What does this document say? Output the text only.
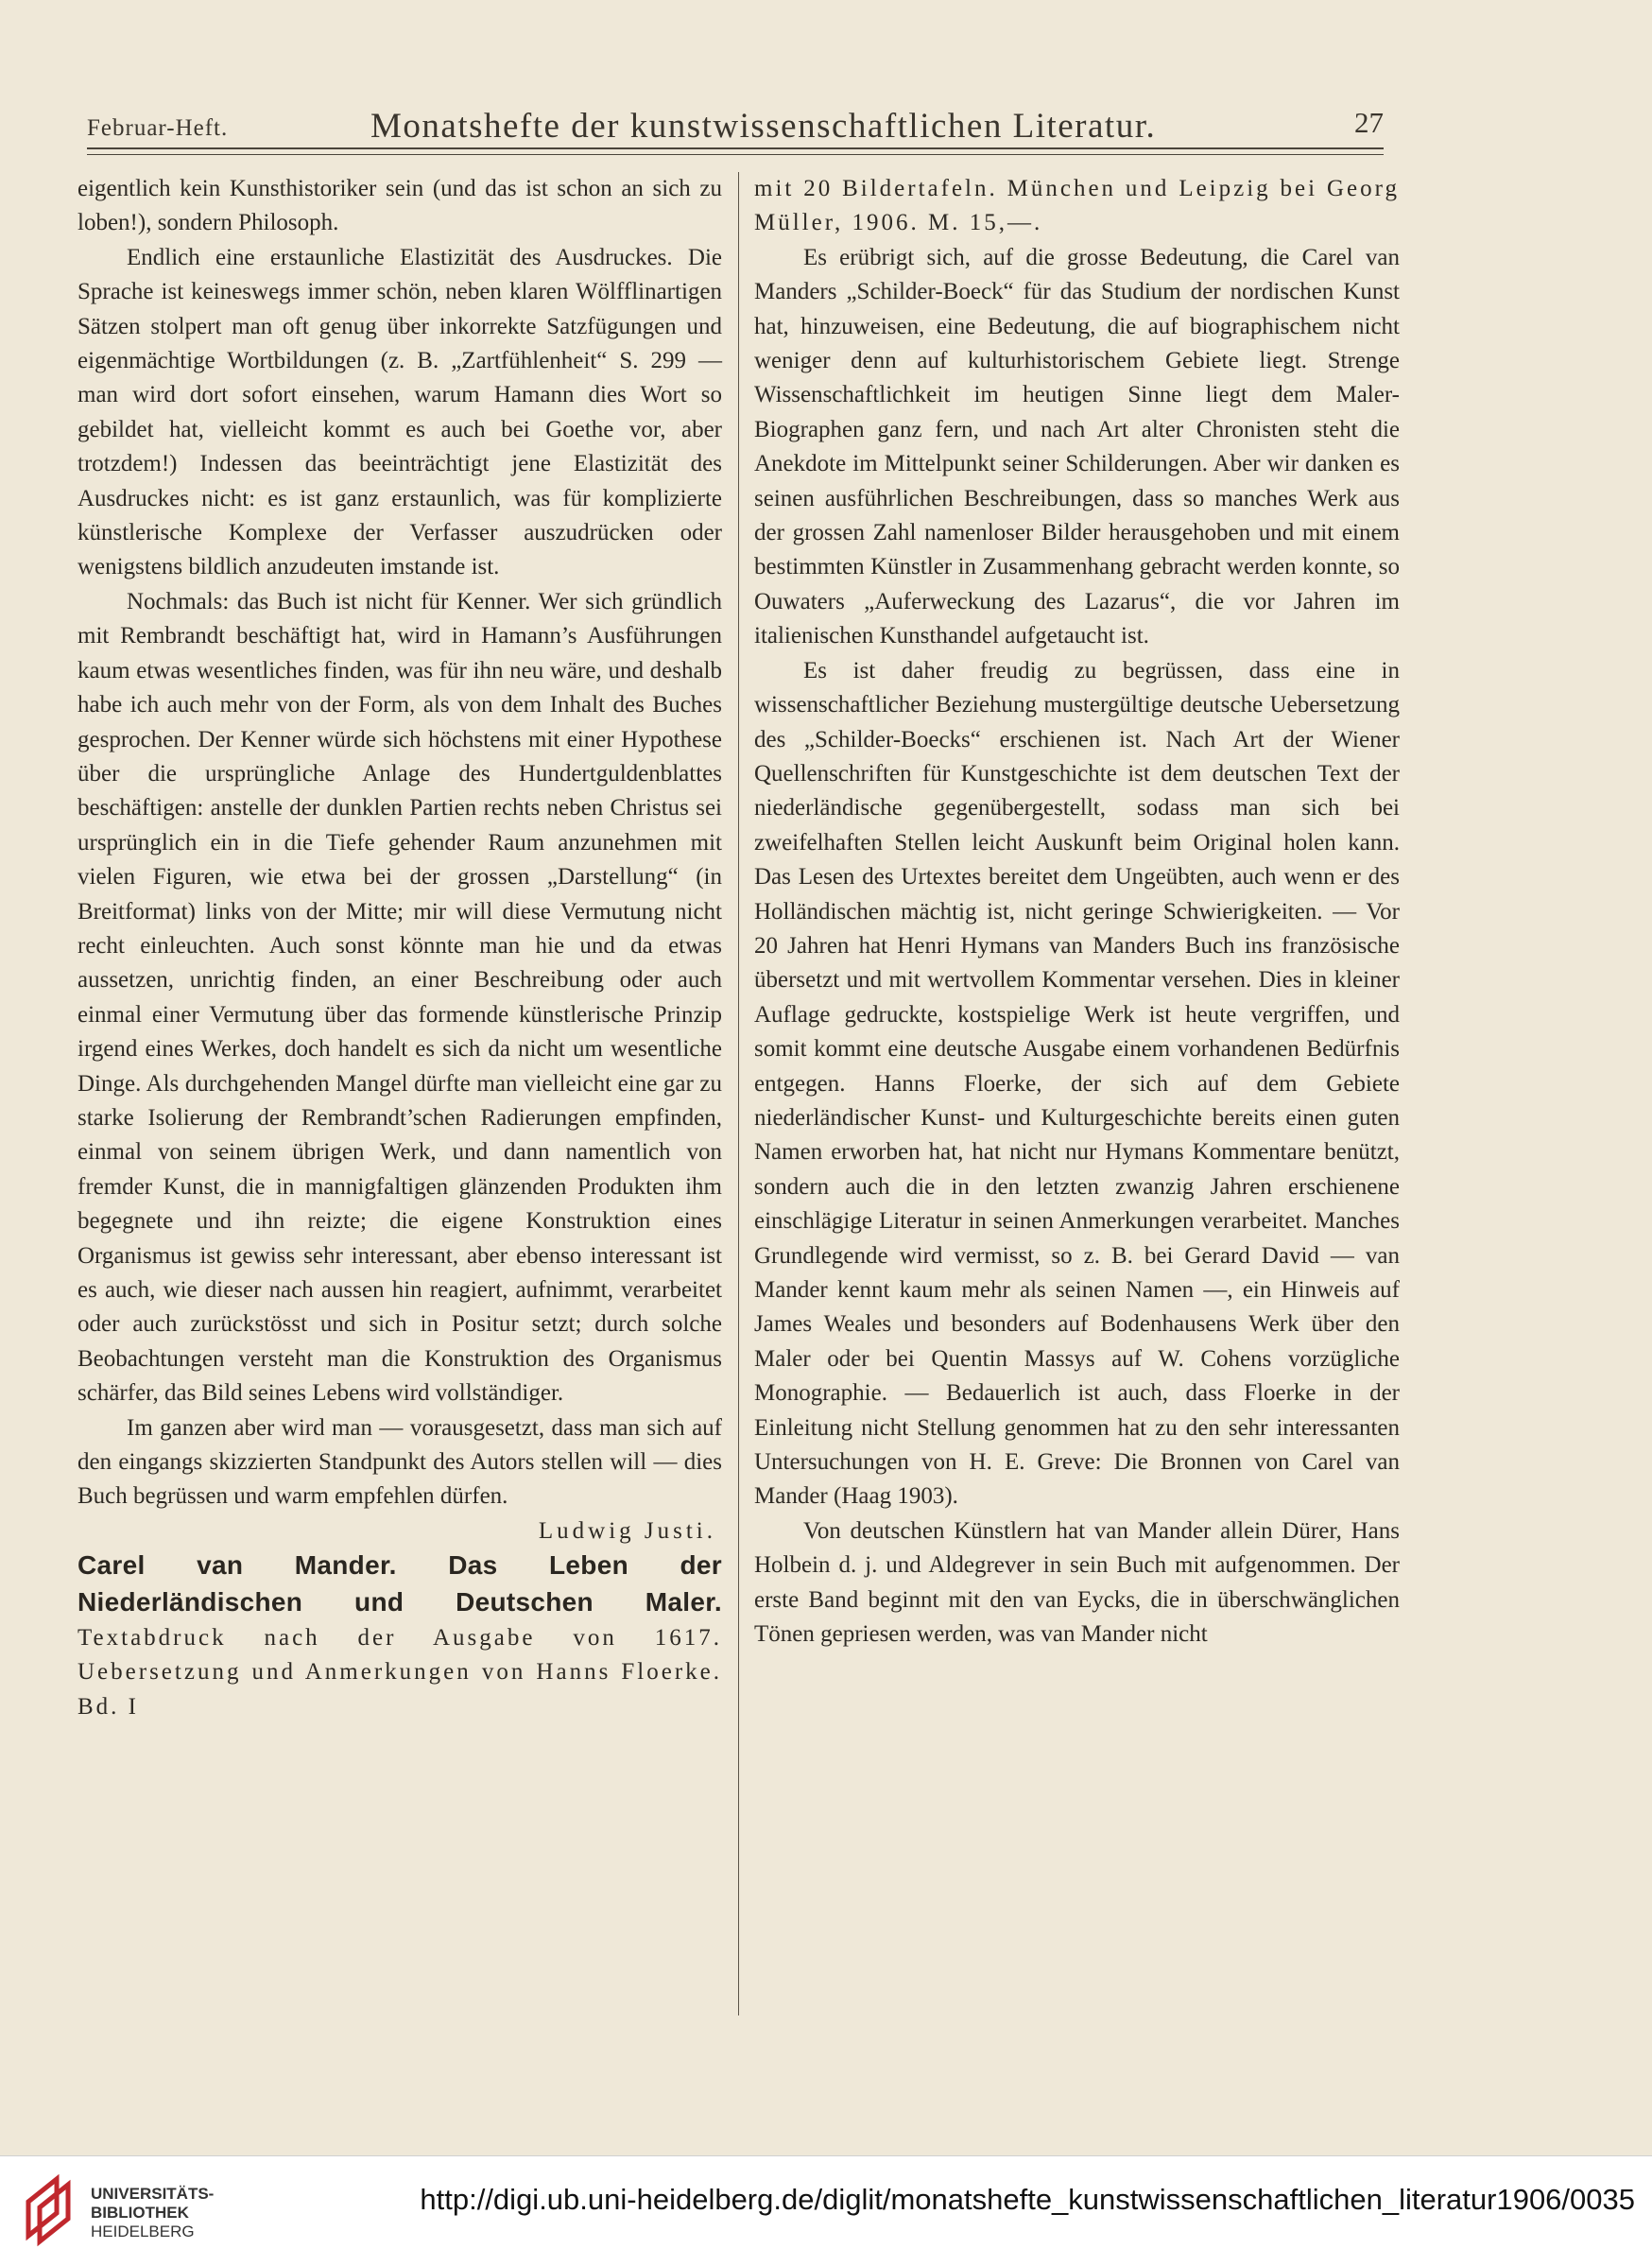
Februar-Heft.	Monatshefte der kunstwissenschaftlichen Literatur.	27

eigentlich kein Kunsthistoriker sein (und das ist schon an sich zu loben!), sondern Philosoph.

Endlich eine erstaunliche Elastizität des Ausdruckes. Die Sprache ist keineswegs immer schön, neben klaren Wölfflinartigen Sätzen stolpert man oft genug über inkorrekte Satzfügungen und eigenmächtige Wortbildungen (z. B. „Zartfühlenheit“ S. 299 — man wird dort sofort einsehen, warum Hamann dies Wort so gebildet hat, vielleicht kommt es auch bei Goethe vor, aber trotzdem!) Indessen das beeinträchtigt jene Elastizität des Ausdruckes nicht: es ist ganz erstaunlich, was für komplizierte künstlerische Komplexe der Verfasser auszudrücken oder wenigstens bildlich anzudeuten imstande ist.

Nochmals: das Buch ist nicht für Kenner. Wer sich gründlich mit Rembrandt beschäftigt hat, wird in Hamann’s Ausführungen kaum etwas wesentliches finden, was für ihn neu wäre, und deshalb habe ich auch mehr von der Form, als von dem Inhalt des Buches gesprochen. Der Kenner würde sich höchstens mit einer Hypothese über die ursprüngliche Anlage des Hundertguldenblattes beschäftigen: anstelle der dunklen Partien rechts neben Christus sei ursprünglich ein in die Tiefe gehender Raum anzunehmen mit vielen Figuren, wie etwa bei der grossen „Darstellung“ (in Breitformat) links von der Mitte; mir will diese Vermutung nicht recht einleuchten. Auch sonst könnte man hie und da etwas aussetzen, unrichtig finden, an einer Beschreibung oder auch einmal einer Vermutung über das formende künstlerische Prinzip irgend eines Werkes, doch handelt es sich da nicht um wesentliche Dinge. Als durchgehenden Mangel dürfte man vielleicht eine gar zu starke Isolierung der Rembrandt’schen Radierungen empfinden, einmal von seinem übrigen Werk, und dann namentlich von fremder Kunst, die in mannigfaltigen glänzenden Produkten ihm begegnete und ihn reizte; die eigene Konstruktion eines Organismus ist gewiss sehr interessant, aber ebenso interessant ist es auch, wie dieser nach aussen hin reagiert, aufnimmt, verarbeitet oder auch zurückstösst und sich in Positur setzt; durch solche Beobachtungen versteht man die Konstruktion des Organismus schärfer, das Bild seines Lebens wird vollständiger.

Im ganzen aber wird man — vorausgesetzt, dass man sich auf den eingangs skizzierten Standpunkt des Autors stellen will — dies Buch begrüssen und warm empfehlen dürfen.

Ludwig Justi.

Carel van Mander. Das Leben der Niederländischen und Deutschen Maler. Textabdruck nach der Ausgabe von 1617. Uebersetzung und Anmerkungen von Hanns Floerke. Bd. I

mit 20 Bildertafeln. München und Leipzig bei Georg Müller, 1906. M. 15,—.

Es erübrigt sich, auf die grosse Bedeutung, die Carel van Manders „Schilder-Boeck“ für das Studium der nordischen Kunst hat, hinzuweisen, eine Bedeutung, die auf biographischem nicht weniger denn auf kulturhistorischem Gebiete liegt. Strenge Wissenschaftlichkeit im heutigen Sinne liegt dem Maler-Biographen ganz fern, und nach Art alter Chronisten steht die Anekdote im Mittelpunkt seiner Schilderungen. Aber wir danken es seinen ausführlichen Beschreibungen, dass so manches Werk aus der grossen Zahl namenloser Bilder herausgehoben und mit einem bestimmten Künstler in Zusammenhang gebracht werden konnte, so Ouwaters „Auferweckung des Lazarus“, die vor Jahren im italienischen Kunsthandel aufgetaucht ist.

Es ist daher freudig zu begrüssen, dass eine in wissenschaftlicher Beziehung mustergültige deutsche Uebersetzung des „Schilder-Boecks“ erschienen ist. Nach Art der Wiener Quellenschriften für Kunstgeschichte ist dem deutschen Text der niederländische gegenübergestellt, sodass man sich bei zweifelhaften Stellen leicht Auskunft beim Original holen kann. Das Lesen des Urtextes bereitet dem Ungeübten, auch wenn er des Holländischen mächtig ist, nicht geringe Schwierigkeiten. — Vor 20 Jahren hat Henri Hymans van Manders Buch ins französische übersetzt und mit wertvollem Kommentar versehen. Dies in kleiner Auflage gedruckte, kostspielige Werk ist heute vergriffen, und somit kommt eine deutsche Ausgabe einem vorhandenen Bedürfnis entgegen. Hanns Floerke, der sich auf dem Gebiete niederländischer Kunst- und Kulturgeschichte bereits einen guten Namen erworben hat, hat nicht nur Hymans Kommentare benützt, sondern auch die in den letzten zwanzig Jahren erschienene einschlägige Literatur in seinen Anmerkungen verarbeitet. Manches Grundlegende wird vermisst, so z. B. bei Gerard David — van Mander kennt kaum mehr als seinen Namen —, ein Hinweis auf James Weales und besonders auf Bodenhausens Werk über den Maler oder bei Quentin Massys auf W. Cohens vorzügliche Monographie. — Bedauerlich ist auch, dass Floerke in der Einleitung nicht Stellung genommen hat zu den sehr interessanten Untersuchungen von H. E. Greve: Die Bronnen von Carel van Mander (Haag 1903).

Von deutschen Künstlern hat van Mander allein Dürer, Hans Holbein d. j. und Aldegrever in sein Buch mit aufgenommen. Der erste Band beginnt mit den van Eycks, die in überschwänglichen Tönen gepriesen werden, was van Mander nicht

UNIVERSITÄTS-
BIBLIOTHEK
HEIDELBERG
http://digi.ub.uni-heidelberg.de/diglit/monatshefte_kunstwissenschaftlichen_literatur1906/0035
